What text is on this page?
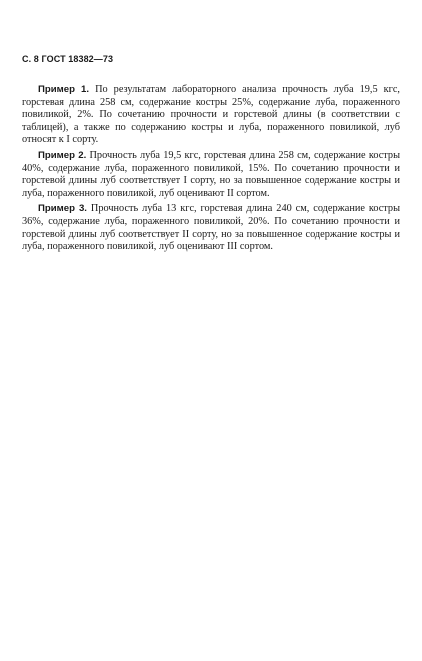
С. 8 ГОСТ 18382—73

Пример 1. По результатам лабораторного анализа прочность луба 19,5 кгс, горстевая длина 258 см, содержание костры 25%, содержание луба, пораженного повиликой, 2%. По сочетанию прочности и горстевой длины (в соответствии с таблицей), а также по содержанию костры и луба, пораженного повиликой, луб относят к I сорту.

Пример 2. Прочность луба 19,5 кгс, горстевая длина 258 см, содержание костры 40%, содержание луба, пораженного повиликой, 15%. По сочетанию прочности и горстевой длины луб соответствует I сорту, но за повышенное содержание костры и луба, пораженного повиликой, луб оценивают II сортом.

Пример 3. Прочность луба 13 кгс, горстевая длина 240 см, содержание костры 36%, содержание луба, пораженного повиликой, 20%. По сочетанию прочности и горстевой длины луб соответствует II сорту, но за повышенное содержание костры и луба, пораженного повиликой, луб оценивают III сортом.
